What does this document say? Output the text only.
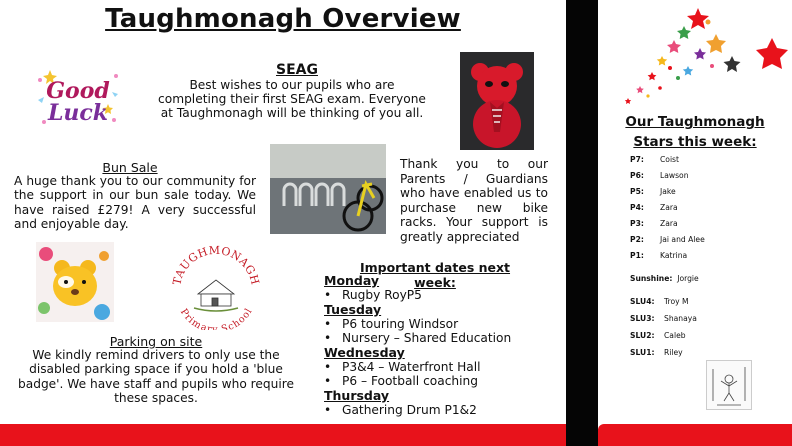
Taughmonagh Overview
Good
Luck
SEAG
Best wishes to our pupils who are completing their first SEAG exam. Everyone at Taughmonagh will be thinking of you all.
Thank you to our Parents / Guardians who have enabled us to purchase new bike racks. Your support is greatly appreciated
Bun Sale
A huge thank you to our community for the support in our bun sale today. We have raised £279! A very successful and enjoyable day.
TAUGHMONAGH
Primary School
Parking on site
We kindly remind drivers to only use the disabled parking space if you hold a 'blue badge'. We have staff and pupils who require these spaces.
Important dates next week:
Monday
• Rugby RoyP5
Tuesday
• P6 touring Windsor
• Nursery – Shared Education
Wednesday
• P3&4 – Waterfront Hall
• P6 – Football coaching
Thursday
• Gathering Drum P1&2
Our Taughmonagh
Stars this week:
P7: Coist
P6: Lawson
P5: Jake
P4: Zara
P3: Zara
P2: Jai and Alee
P1: Katrina
Sunshine: Jorgie
SLU4: Troy M
SLU3: Shanaya
SLU2: Caleb
SLU1: Riley
